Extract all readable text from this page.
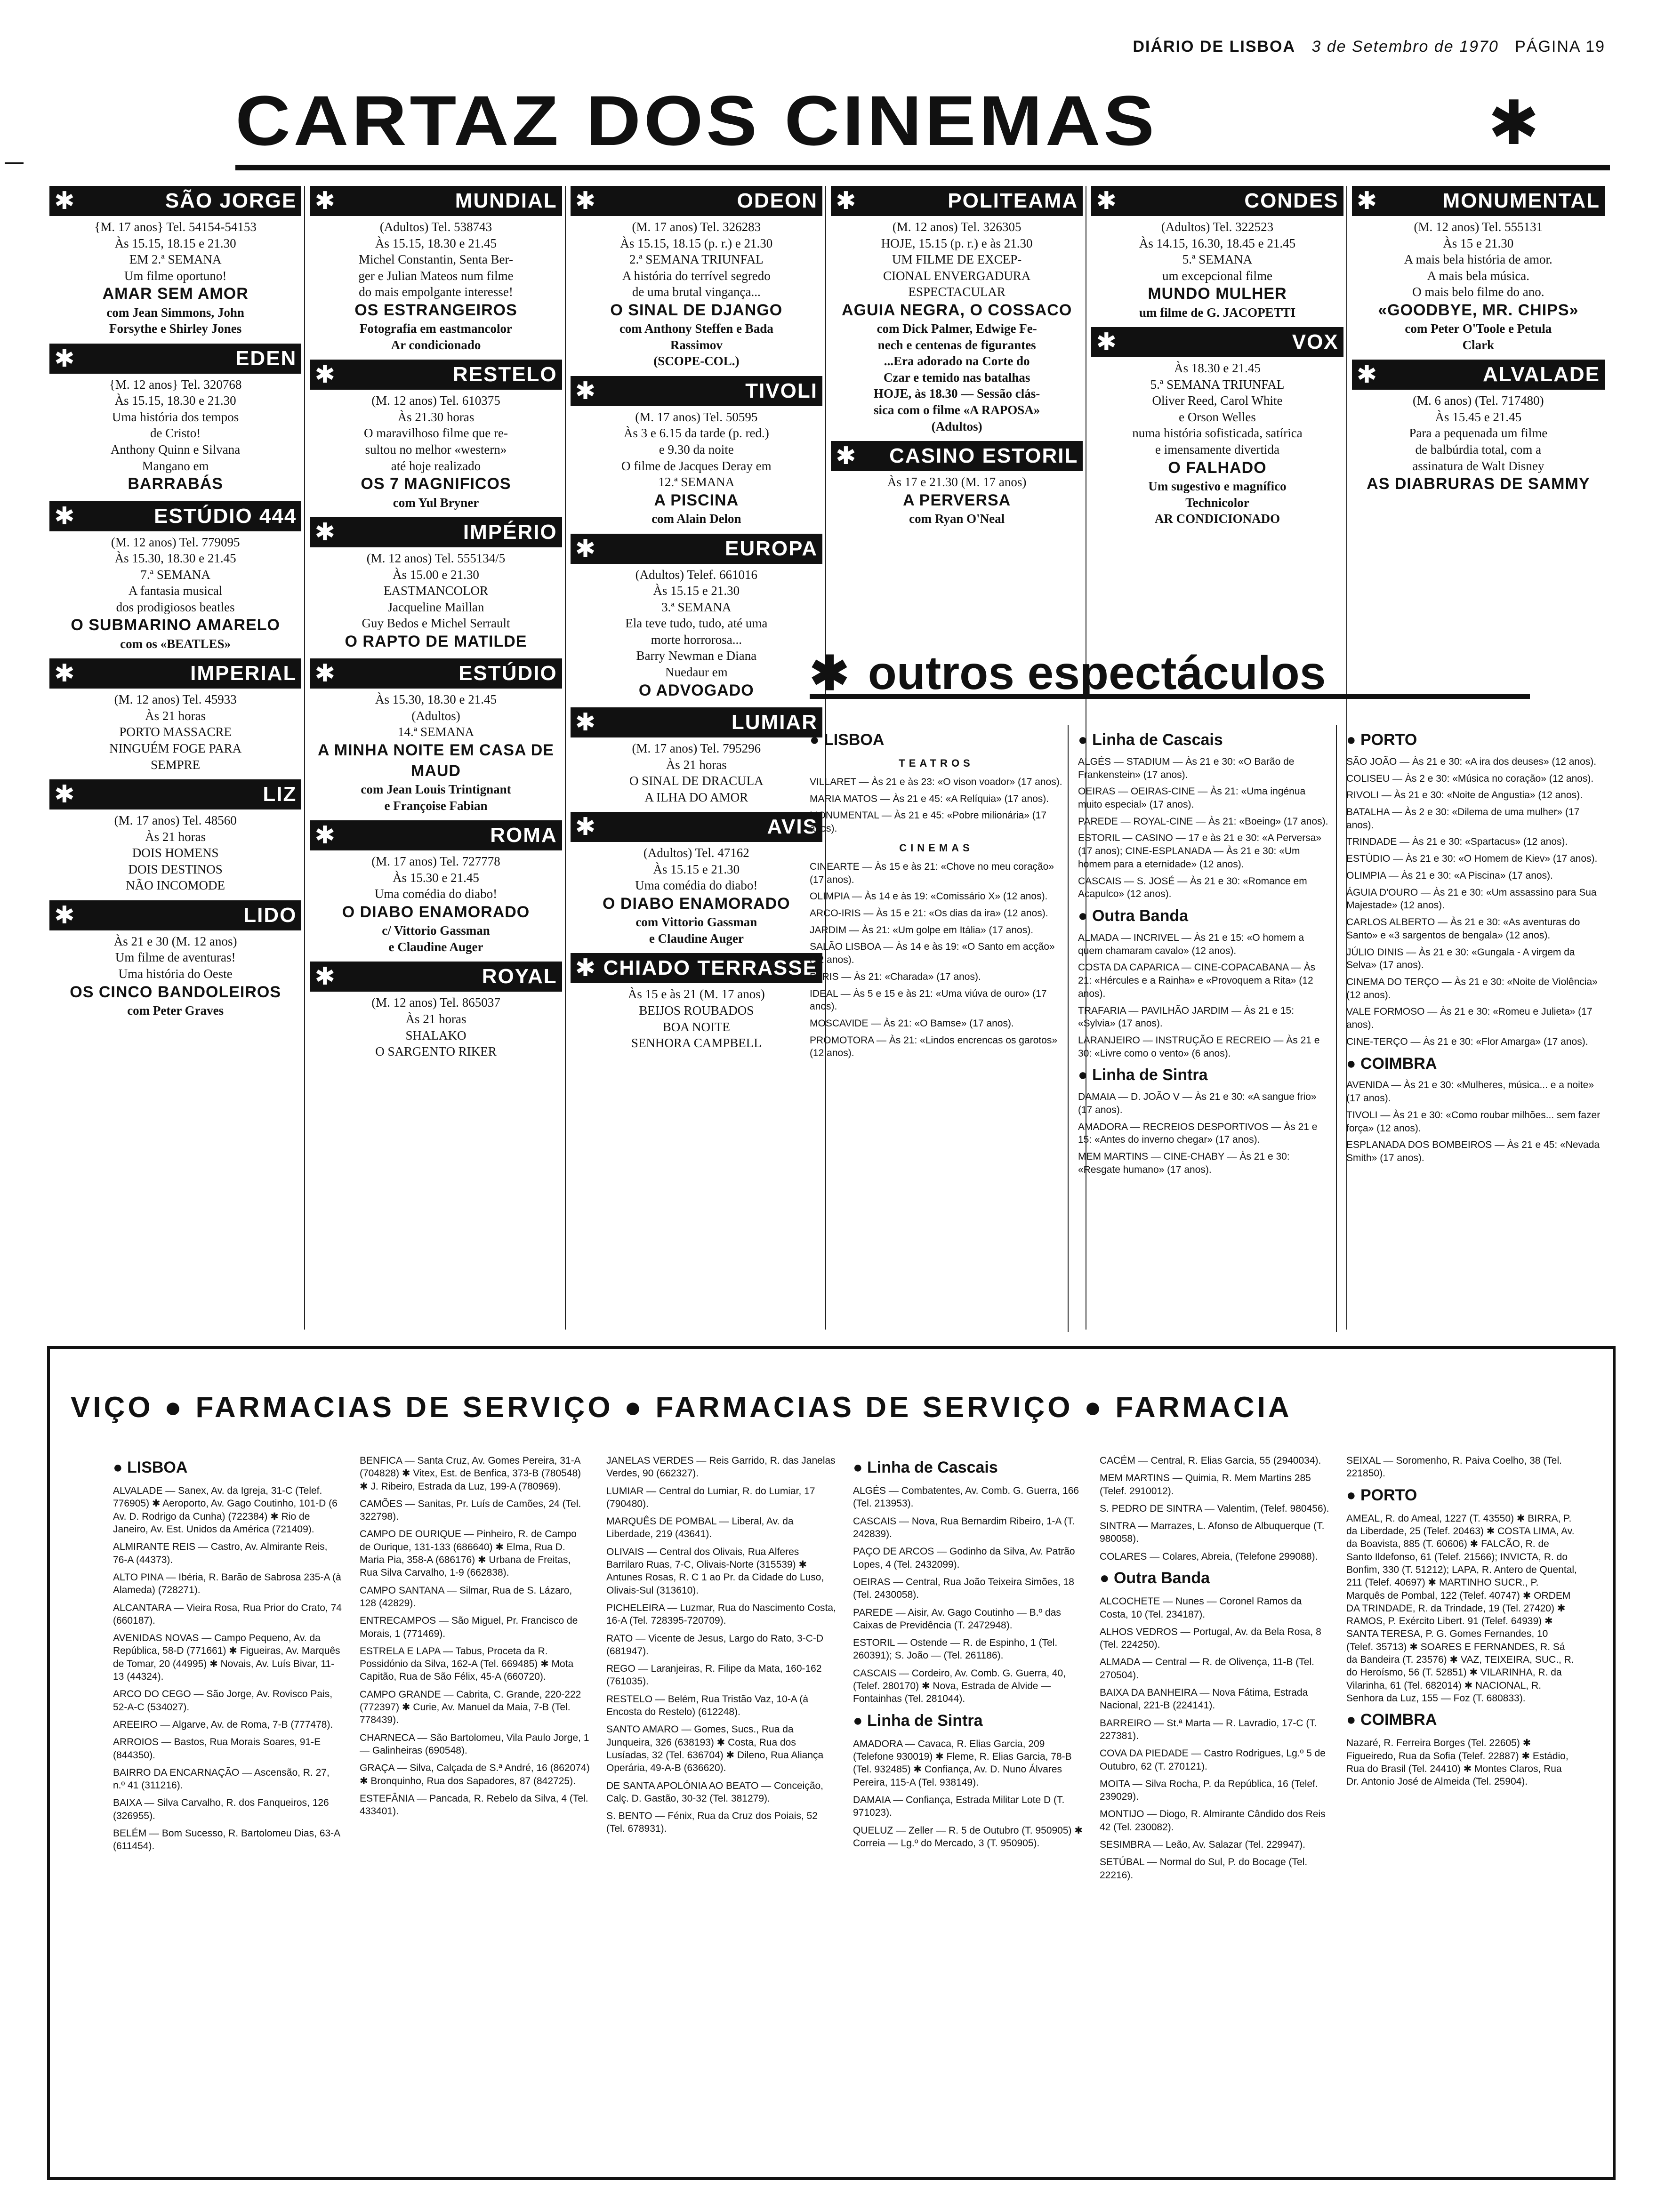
DIÁRIO DE LISBOA 3 de Setembro de 1970 PÁGINA 19
CARTAZ DOS CINEMAS	✱
✱	SÃO JORGE
{M. 17 anos} Tel. 54154-54153
Às 15.15, 18.15 e 21.30
EM 2.ª SEMANA
Um filme oportuno!
AMAR SEM AMOR
com Jean Simmons, John
Forsythe e Shirley Jones
✱	EDEN
{M. 12 anos} Tel. 320768
Às 15.15, 18.30 e 21.30
Uma história dos tempos
de Cristo!
Anthony Quinn e Silvana
Mangano em
BARRABÁS
✱	ESTÚDIO 444
(M. 12 anos) Tel. 779095
Às 15.30, 18.30 e 21.45
7.ª SEMANA
A fantasia musical
dos prodigiosos beatles
O SUBMARINO AMARELO
com os «BEATLES»
✱	IMPERIAL
(M. 12 anos) Tel. 45933
Às 21 horas
PORTO MASSACRE
NINGUÉM FOGE PARA
SEMPRE
✱	LIZ
(M. 17 anos) Tel. 48560
Às 21 horas
DOIS HOMENS
DOIS DESTINOS
NÃO INCOMODE
✱	LIDO
Às 21 e 30 (M. 12 anos)
Um filme de aventuras!
Uma história do Oeste
OS CINCO BANDOLEIROS
com Peter Graves
✱	MUNDIAL
(Adultos) Tel. 538743
Às 15.15, 18.30 e 21.45
Michel Constantin, Senta Ber-
ger e Julian Mateos num filme
do mais empolgante interesse!
OS ESTRANGEIROS
Fotografia em eastmancolor
Ar condicionado
✱	RESTELO
(M. 12 anos) Tel. 610375
Às 21.30 horas
O maravilhoso filme que re-
sultou no melhor «western»
até hoje realizado
OS 7 MAGNIFICOS
com Yul Bryner
✱	IMPÉRIO
(M. 12 anos) Tel. 555134/5
Às 15.00 e 21.30
EASTMANCOLOR
Jacqueline Maillan
Guy Bedos e Michel Serrault
O RAPTO DE MATILDE
✱	ESTÚDIO
Às 15.30, 18.30 e 21.45
(Adultos)
14.ª SEMANA
A MINHA NOITE EM CASA DE MAUD
com Jean Louis Trintignant
e Françoise Fabian
✱	ROMA
(M. 17 anos) Tel. 727778
Às 15.30 e 21.45
Uma comédia do diabo!
O DIABO ENAMORADO
c/ Vittorio Gassman
e Claudine Auger
✱	ROYAL
(M. 12 anos) Tel. 865037
Às 21 horas
SHALAKO
O SARGENTO RIKER
✱	ODEON
(M. 17 anos) Tel. 326283
Às 15.15, 18.15 (p. r.) e 21.30
2.ª SEMANA TRIUNFAL
A história do terrível segredo
de uma brutal vingança...
O SINAL DE DJANGO
com Anthony Steffen e Bada
Rassimov
(SCOPE-COL.)
✱	TIVOLI
(M. 17 anos) Tel. 50595
Às 3 e 6.15 da tarde (p. red.)
e 9.30 da noite
O filme de Jacques Deray em
12.ª SEMANA
A PISCINA
com Alain Delon
✱	EUROPA
(Adultos) Telef. 661016
Às 15.15 e 21.30
3.ª SEMANA
Ela teve tudo, tudo, até uma
morte horrorosa...
Barry Newman e Diana
Nuedaur em
O ADVOGADO
✱	LUMIAR
(M. 17 anos) Tel. 795296
Às 21 horas
O SINAL DE DRACULA
A ILHA DO AMOR
✱	AVIS
(Adultos) Tel. 47162
Às 15.15 e 21.30
Uma comédia do diabo!
O DIABO ENAMORADO
com Vittorio Gassman
e Claudine Auger
✱ CHIADO TERRASSE
Às 15 e às 21 (M. 17 anos)
BEIJOS ROUBADOS
BOA NOITE
SENHORA CAMPBELL
✱	POLITEAMA
(M. 12 anos) Tel. 326305
HOJE, 15.15 (p. r.) e às 21.30
UM FILME DE EXCEP-
CIONAL ENVERGADURA
ESPECTACULAR
AGUIA NEGRA, O COSSACO
com Dick Palmer, Edwige Fe-
nech e centenas de figurantes
...Era adorado na Corte do
Czar e temido nas batalhas
HOJE, às 18.30 — Sessão clás-
sica com o filme «A RAPOSA»
(Adultos)
✱ CASINO ESTORIL
Às 17 e 21.30 (M. 17 anos)
A PERVERSA
com Ryan O'Neal
✱	CONDES
(Adultos) Tel. 322523
Às 14.15, 16.30, 18.45 e 21.45
5.ª SEMANA
um excepcional filme
MUNDO MULHER
um filme de G. JACOPETTI
✱	VOX
Às 18.30 e 21.45
5.ª SEMANA TRIUNFAL
Oliver Reed, Carol White
e Orson Welles
numa história sofisticada, satírica
e imensamente divertida
O FALHADO
Um sugestivo e magnífico
Technicolor
AR CONDICIONADO
✱	MONUMENTAL
(M. 12 anos) Tel. 555131
Às 15 e 21.30
A mais bela história de amor.
A mais bela música.
O mais belo filme do ano.
«GOODBYE, MR. CHIPS»
com Peter O'Toole e Petula
Clark
✱	ALVALADE
(M. 6 anos) (Tel. 717480)
Às 15.45 e 21.45
Para a pequenada um filme
de balbúrdia total, com a
assinatura de Walt Disney
AS DIABRURAS DE SAMMY
✱ outros espectáculos
● LISBOA
TEATROS
VILLARET — Às 21 e às 23: «O vison voador» (17 anos).
MARIA MATOS — Às 21 e 45: «A Relíquia» (17 anos).
MONUMENTAL — Às 21 e 45: «Pobre milionária» (17 anos).
CINEMAS
CINEARTE — Às 15 e às 21: «Chove no meu coração» (17 anos).
OLIMPIA — Às 14 e às 19: «Comissário X» (12 anos).
ARCO-IRIS — Às 15 e 21: «Os dias da ira» (12 anos).
JARDIM — Às 21: «Um golpe em Itália» (17 anos).
SALÃO LISBOA — Às 14 e às 19: «O Santo em acção» (12 anos).
PARIS — Às 21: «Charada» (17 anos).
IDEAL — Às 5 e 15 e às 21: «Uma viúva de ouro» (17 anos).
MOSCAVIDE — Às 21: «O Bamse» (17 anos).
PROMOTORA — Às 21: «Lindos encrencas os garotos» (12 anos).
● Linha de Cascais
ALGÉS — STADIUM — Às 21 e 30: «O Barão de Frankenstein» (17 anos).
OEIRAS — OEIRAS-CINE — Às 21: «Uma ingénua muito especial» (17 anos).
PAREDE — ROYAL-CINE — Às 21: «Boeing» (17 anos).
ESTORIL — CASINO — 17 e às 21 e 30: «A Perversa» (17 anos); CINE-ESPLANADA — Às 21 e 30: «Um homem para a eternidade» (12 anos).
CASCAIS — S. JOSÉ — Às 21 e 30: «Romance em Acapulco» (12 anos).
● Outra Banda
ALMADA — INCRIVEL — Às 21 e 15: «O homem a quem chamaram cavalo» (12 anos).
COSTA DA CAPARICA — CINE-COPACABANA — Às 21: «Hércules e a Rainha» e «Provoquem a Rita» (12 anos).
TRAFARIA — PAVILHÃO JARDIM — Às 21 e 15: «Sylvia» (17 anos).
LARANJEIRO — INSTRUÇÃO E RECREIO — Às 21 e 30: «Livre como o vento» (6 anos).
● Linha de Sintra
DAMAIA — D. JOÃO V — Às 21 e 30: «A sangue frio» (17 anos).
AMADORA — RECREIOS DESPORTIVOS — Às 21 e 15: «Antes do inverno chegar» (17 anos).
MEM MARTINS — CINE-CHABY — Às 21 e 30: «Resgate humano» (17 anos).
● PORTO
SÃO JOÃO — Às 21 e 30: «A ira dos deuses» (12 anos).
COLISEU — Às 2 e 30: «Música no coração» (12 anos).
RIVOLI — Às 21 e 30: «Noite de Angustia» (12 anos).
BATALHA — Às 2 e 30: «Dilema de uma mulher» (17 anos).
TRINDADE — Às 21 e 30: «Spartacus» (12 anos).
ESTÚDIO — Às 21 e 30: «O Homem de Kiev» (17 anos).
OLIMPIA — Às 21 e 30: «A Piscina» (17 anos).
ÁGUIA D'OURO — Às 21 e 30: «Um assassino para Sua Majestade» (12 anos).
CARLOS ALBERTO — Às 21 e 30: «As aventuras do Santo» e «3 sargentos de bengala» (12 anos).
JÚLIO DINIS — Às 21 e 30: «Gungala - A virgem da Selva» (17 anos).
CINEMA DO TERÇO — Às 21 e 30: «Noite de Violência» (12 anos).
VALE FORMOSO — Às 21 e 30: «Romeu e Julieta» (17 anos).
CINE-TERÇO — Às 21 e 30: «Flor Amarga» (17 anos).
● COIMBRA
AVENIDA — Às 21 e 30: «Mulheres, música... e a noite» (17 anos).
TIVOLI — Às 21 e 30: «Como roubar milhões... sem fazer força» (12 anos).
ESPLANADA DOS BOMBEIROS — Às 21 e 45: «Nevada Smith» (17 anos).
VIÇO ● FARMACIAS DE SERVIÇO ● FARMACIAS DE SERVIÇO ● FARMACIA
● LISBOA
ALVALADE — Sanex, Av. da Igreja, 31-C (Telef. 776905) ✱ Aeroporto, Av. Gago Coutinho, 101-D (6 Av. D. Rodrigo da Cunha) (722384) ✱ Rio de Janeiro, Av. Est. Unidos da América (721409).
ALMIRANTE REIS — Castro, Av. Almirante Reis, 76-A (44373).
ALTO PINA — Ibéria, R. Barão de Sabrosa 235-A (à Alameda) (728271).
ALCANTARA — Vieira Rosa, Rua Prior do Crato, 74 (660187).
AVENIDAS NOVAS — Campo Pequeno, Av. da República, 58-D (771661) ✱ Figueiras, Av. Marquês de Tomar, 20 (44995) ✱ Novais, Av. Luís Bivar, 11-13 (44324).
ARCO DO CEGO — São Jorge, Av. Rovisco Pais, 52-A-C (534027).
AREEIRO — Algarve, Av. de Roma, 7-B (777478).
ARROIOS — Bastos, Rua Morais Soares, 91-E (844350).
BAIRRO DA ENCARNAÇÃO — Ascensão, R. 27, n.º 41 (311216).
BAIXA — Silva Carvalho, R. dos Fanqueiros, 126 (326955).
BELÉM — Bom Sucesso, R. Bartolomeu Dias, 63-A (611454).
BENFICA — Santa Cruz, Av. Gomes Pereira, 31-A (704828) ✱ Vitex, Est. de Benfica, 373-B (780548) ✱ J. Ribeiro, Estrada da Luz, 199-A (780969).
CAMÕES — Sanitas, Pr. Luís de Camões, 24 (Tel. 322798).
CAMPO DE OURIQUE — Pinheiro, R. de Campo de Ourique, 131-133 (686640) ✱ Elma, Rua D. Maria Pia, 358-A (686176) ✱ Urbana de Freitas, Rua Silva Carvalho, 1-9 (662838).
CAMPO SANTANA — Silmar, Rua de S. Lázaro, 128 (42829).
ENTRECAMPOS — São Miguel, Pr. Francisco de Morais, 1 (771469).
ESTRELA E LAPA — Tabus, Proceta da R. Possidónio da Silva, 162-A (Tel. 669485) ✱ Mota Capitão, Rua de São Félix, 45-A (660720).
CAMPO GRANDE — Cabrita, C. Grande, 220-222 (772397) ✱ Curie, Av. Manuel da Maia, 7-B (Tel. 778439).
CHARNECA — São Bartolomeu, Vila Paulo Jorge, 1 — Galinheiras (690548).
GRAÇA — Silva, Calçada de S.ª André, 16 (862074) ✱ Bronquinho, Rua dos Sapadores, 87 (842725).
ESTEFÂNIA — Pancada, R. Rebelo da Silva, 4 (Tel. 433401).
JANELAS VERDES — Reis Garrido, R. das Janelas Verdes, 90 (662327).
LUMIAR — Central do Lumiar, R. do Lumiar, 17 (790480).
MARQUÊS DE POMBAL — Liberal, Av. da Liberdade, 219 (43641).
OLIVAIS — Central dos Olivais, Rua Alferes Barrilaro Ruas, 7-C, Olivais-Norte (315539) ✱ Antunes Rosas, R. C 1 ao Pr. da Cidade do Luso, Olivais-Sul (313610).
PICHELEIRA — Luzmar, Rua do Nascimento Costa, 16-A (Tel. 728395-720709).
RATO — Vicente de Jesus, Largo do Rato, 3-C-D (681947).
REGO — Laranjeiras, R. Filipe da Mata, 160-162 (761035).
RESTELO — Belém, Rua Tristão Vaz, 10-A (à Encosta do Restelo) (612248).
SANTO AMARO — Gomes, Sucs., Rua da Junqueira, 326 (638193) ✱ Costa, Rua dos Lusíadas, 32 (Tel. 636704) ✱ Dileno, Rua Aliança Operária, 49-A-B (636620).
DE SANTA APOLÓNIA AO BEATO — Conceição, Calç. D. Gastão, 30-32 (Tel. 381279).
S. BENTO — Fénix, Rua da Cruz dos Poiais, 52 (Tel. 678931).
● Linha de Cascais
ALGÉS — Combatentes, Av. Comb. G. Guerra, 166 (Tel. 213953).
CASCAIS — Nova, Rua Bernardim Ribeiro, 1-A (T. 242839).
PAÇO DE ARCOS — Godinho da Silva, Av. Patrão Lopes, 4 (Tel. 2432099).
OEIRAS — Central, Rua João Teixeira Simões, 18 (Tel. 2430058).
PAREDE — Aisir, Av. Gago Coutinho — B.º das Caixas de Previdência (T. 2472948).
ESTORIL — Ostende — R. de Espinho, 1 (Tel. 260391); S. João — (Tel. 261186).
CASCAIS — Cordeiro, Av. Comb. G. Guerra, 40, (Telef. 280170) ✱ Nova, Estrada de Alvide — Fontainhas (Tel. 281044).
● Linha de Sintra
AMADORA — Cavaca, R. Elias Garcia, 209 (Telefone 930019) ✱ Fleme, R. Elias Garcia, 78-B (Tel. 932485) ✱ Confiança, Av. D. Nuno Álvares Pereira, 115-A (Tel. 938149).
DAMAIA — Confiança, Estrada Militar Lote D (T. 971023).
QUELUZ — Zeller — R. 5 de Outubro (T. 950905) ✱ Correia — Lg.º do Mercado, 3 (T. 950905).
CACÉM — Central, R. Elias Garcia, 55 (2940034).
MEM MARTINS — Quimia, R. Mem Martins 285 (Telef. 2910012).
S. PEDRO DE SINTRA — Valentim, (Telef. 980456).
SINTRA — Marrazes, L. Afonso de Albuquerque (T. 980058).
COLARES — Colares, Abreia, (Telefone 299088).
● Outra Banda
ALCOCHETE — Nunes — Coronel Ramos da Costa, 10 (Tel. 234187).
ALHOS VEDROS — Portugal, Av. da Bela Rosa, 8 (Tel. 224250).
ALMADA — Central — R. de Olivença, 11-B (Tel. 270504).
BAIXA DA BANHEIRA — Nova Fátima, Estrada Nacional, 221-B (224141).
BARREIRO — St.ª Marta — R. Lavradio, 17-C (T. 227381).
COVA DA PIEDADE — Castro Rodrigues, Lg.º 5 de Outubro, 62 (T. 270121).
MOITA — Silva Rocha, P. da República, 16 (Telef. 239029).
MONTIJO — Diogo, R. Almirante Cândido dos Reis 42 (Tel. 230082).
SESIMBRA — Leão, Av. Salazar (Tel. 229947).
SETÚBAL — Normal do Sul, P. do Bocage (Tel. 22216).
SEIXAL — Soromenho, R. Paiva Coelho, 38 (Tel. 221850).
● PORTO
AMEAL, R. do Ameal, 1227 (T. 43550) ✱ BIRRA, P. da Liberdade, 25 (Telef. 20463) ✱ COSTA LIMA, Av. da Boavista, 885 (T. 60606) ✱ FALCÃO, R. de Santo Ildefonso, 61 (Telef. 21566); INVICTA, R. do Bonfim, 330 (T. 51212); LAPA, R. Antero de Quental, 211 (Telef. 40697) ✱ MARTINHO SUCR., P. Marquês de Pombal, 122 (Telef. 40747) ✱ ORDEM DA TRINDADE, R. da Trindade, 19 (Tel. 27420) ✱ RAMOS, P. Exército Libert. 91 (Telef. 64939) ✱ SANTA TERESA, P. G. Gomes Fernandes, 10 (Telef. 35713) ✱ SOARES E FERNANDES, R. Sá da Bandeira (T. 23576) ✱ VAZ, TEIXEIRA, SUC., R. do Heroísmo, 56 (T. 52851) ✱ VILARINHA, R. da Vilarinha, 61 (Tel. 682014) ✱ NACIONAL, R. Senhora da Luz, 155 — Foz (T. 680833).
● COIMBRA
Nazaré, R. Ferreira Borges (Tel. 22605) ✱ Figueiredo, Rua da Sofia (Telef. 22887) ✱ Estádio, Rua do Brasil (Tel. 24410) ✱ Montes Claros, Rua Dr. Antonio José de Almeida (Tel. 25904).
